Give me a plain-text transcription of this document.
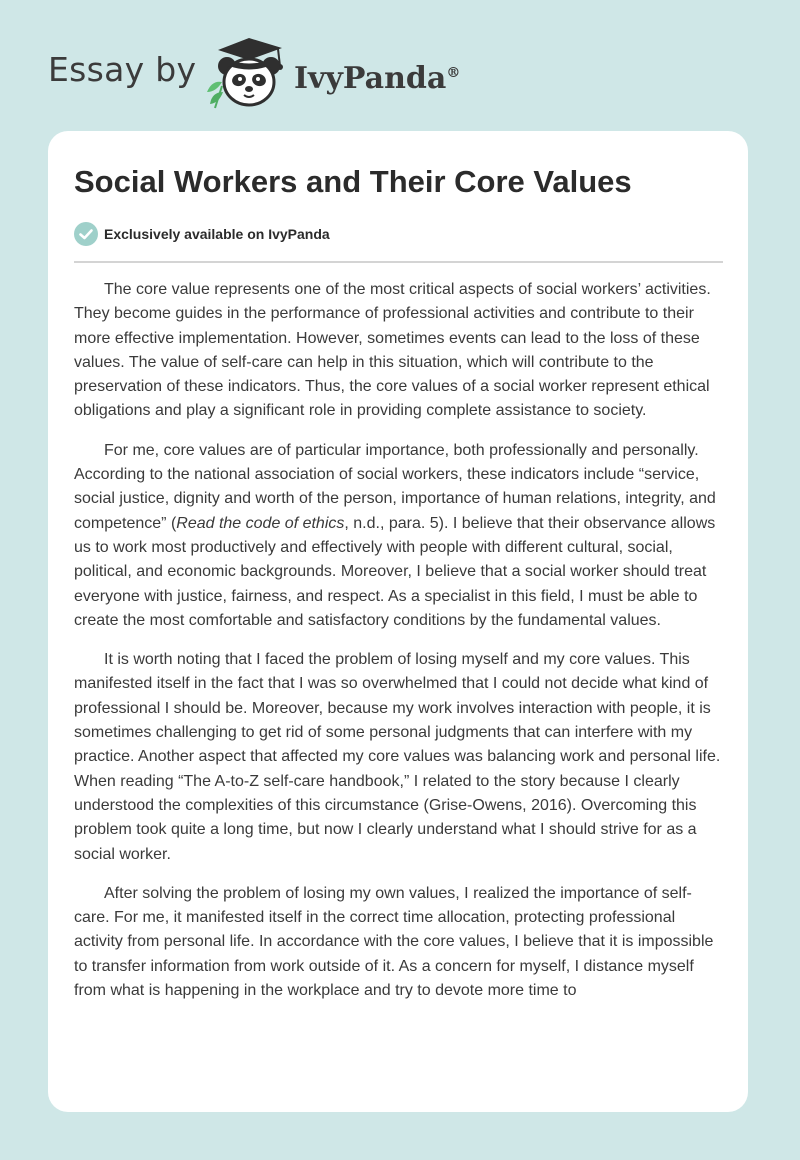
Essay by	IvyPanda®
Social Workers and Their Core Values
Exclusively available on IvyPanda

The core value represents one of the most critical aspects of social workers’ activities. They become guides in the performance of professional activities and contribute to their more effective implementation. However, sometimes events can lead to the loss of these values. The value of self-care can help in this situation, which will contribute to the preservation of these indicators. Thus, the core values of a social worker represent ethical obligations and play a significant role in providing complete assistance to society.

For me, core values are of particular importance, both professionally and personally. According to the national association of social workers, these indicators include “service, social justice, dignity and worth of the person, importance of human relations, integrity, and competence” (Read the code of ethics, n.d., para. 5). I believe that their observance allows us to work most productively and effectively with people with different cultural, social, political, and economic backgrounds. Moreover, I believe that a social worker should treat everyone with justice, fairness, and respect. As a specialist in this field, I must be able to create the most comfortable and satisfactory conditions by the fundamental values.

It is worth noting that I faced the problem of losing myself and my core values. This manifested itself in the fact that I was so overwhelmed that I could not decide what kind of professional I should be. Moreover, because my work involves interaction with people, it is sometimes challenging to get rid of some personal judgments that can interfere with my practice. Another aspect that affected my core values was balancing work and personal life. When reading “The A-to-Z self-care handbook,” I related to the story because I clearly understood the complexities of this circumstance (Grise-Owens, 2016). Overcoming this problem took quite a long time, but now I clearly understand what I should strive for as a social worker.

After solving the problem of losing my own values, I realized the importance of self-care. For me, it manifested itself in the correct time allocation, protecting professional activity from personal life. In accordance with the core values, I believe that it is impossible to transfer information from work outside of it. As a concern for myself, I distance myself from what is happening in the workplace and try to devote more time to
